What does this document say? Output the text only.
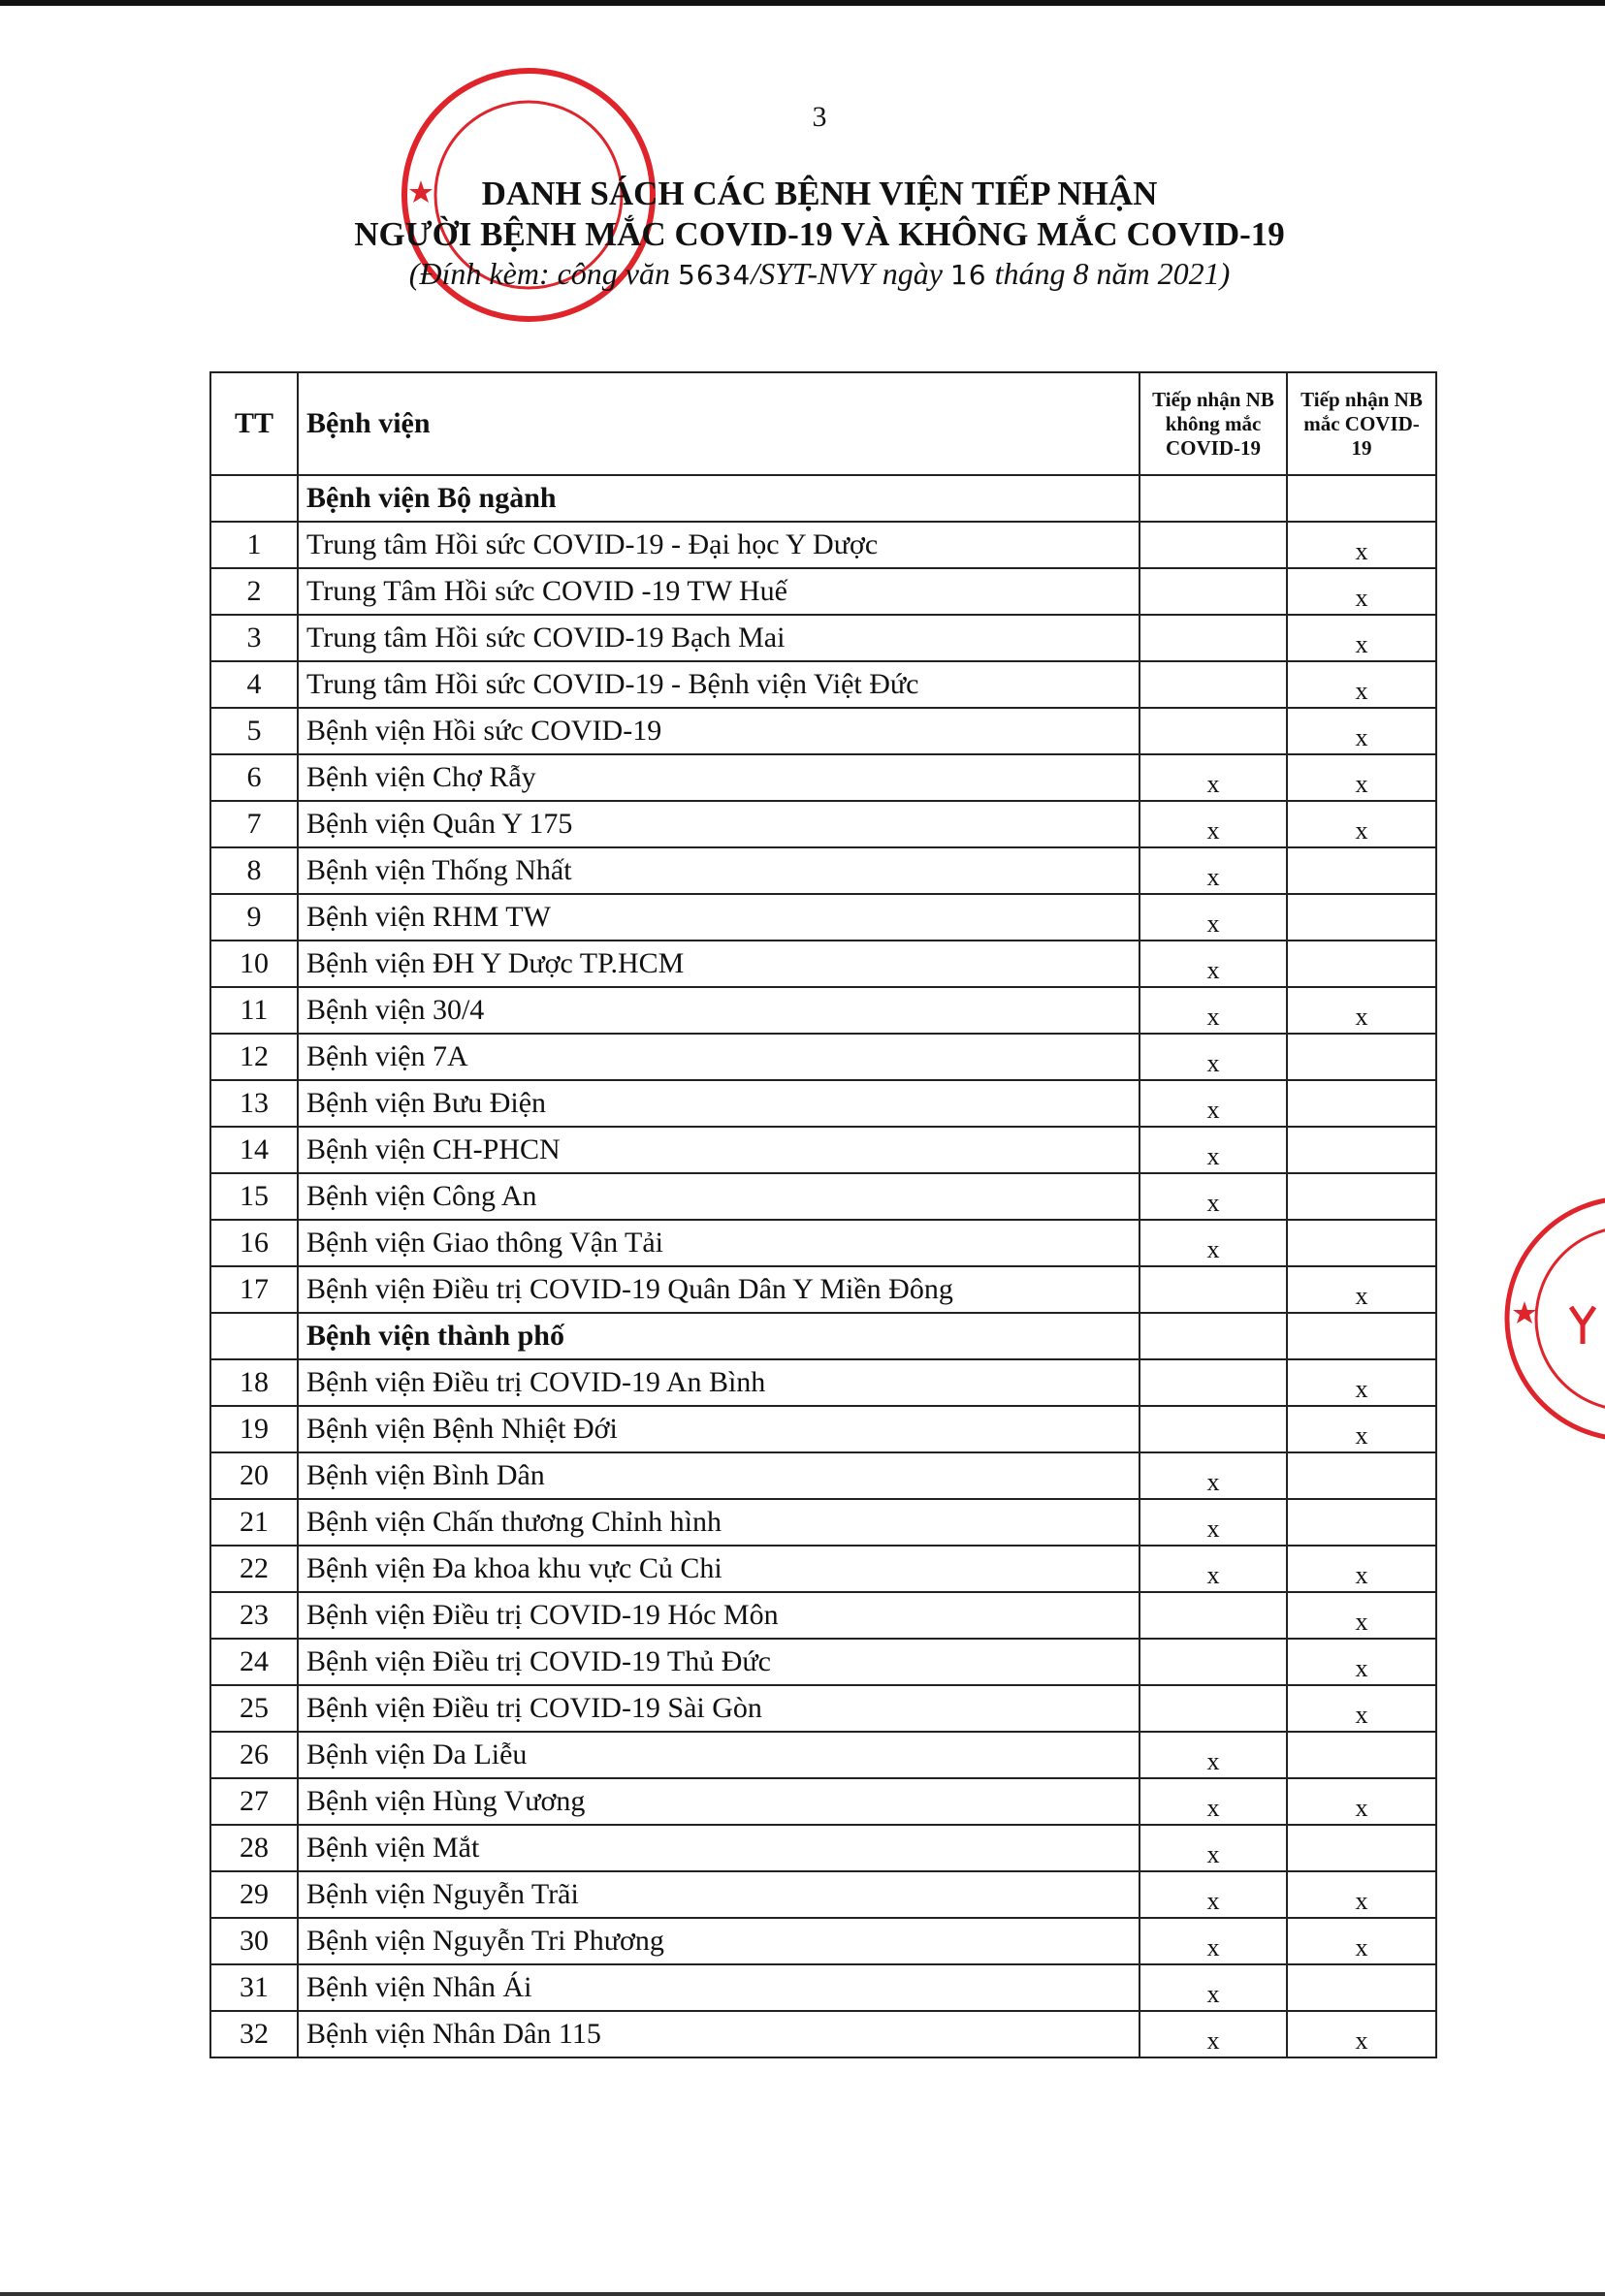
3
DANH SÁCH CÁC BỆNH VIỆN TIẾP NHẬN
NGƯỜI BỆNH MẮC COVID-19 VÀ KHÔNG MẮC COVID-19
(Đính kèm: công văn 5634/SYT-NVY ngày 16 tháng 8 năm 2021)
TT	Bệnh viện	Tiếp nhận NB không mắc COVID-19	Tiếp nhận NB mắc COVID-19
	Bệnh viện Bộ ngành		
1	Trung tâm Hồi sức COVID-19 - Đại học Y Dược		x
2	Trung Tâm Hồi sức COVID -19 TW Huế		x
3	Trung tâm Hồi sức COVID-19 Bạch Mai		x
4	Trung tâm Hồi sức COVID-19 - Bệnh viện Việt Đức		x
5	Bệnh viện Hồi sức COVID-19		x
6	Bệnh viện Chợ Rẫy	x	x
7	Bệnh viện Quân Y 175	x	x
8	Bệnh viện Thống Nhất	x	
9	Bệnh viện RHM TW	x	
10	Bệnh viện ĐH Y Dược TP.HCM	x	
11	Bệnh viện 30/4	x	x
12	Bệnh viện 7A	x	
13	Bệnh viện Bưu Điện	x	
14	Bệnh viện CH-PHCN	x	
15	Bệnh viện Công An	x	
16	Bệnh viện Giao thông Vận Tải	x	
17	Bệnh viện Điều trị COVID-19 Quân Dân Y Miền Đông		x
	Bệnh viện thành phố		
18	Bệnh viện Điều trị COVID-19 An Bình		x
19	Bệnh viện Bệnh Nhiệt Đới		x
20	Bệnh viện Bình Dân	x	
21	Bệnh viện Chấn thương Chỉnh hình	x	
22	Bệnh viện Đa khoa khu vực Củ Chi	x	x
23	Bệnh viện Điều trị COVID-19 Hóc Môn		x
24	Bệnh viện Điều trị COVID-19 Thủ Đức		x
25	Bệnh viện Điều trị COVID-19 Sài Gòn		x
26	Bệnh viện Da Liễu	x	
27	Bệnh viện Hùng Vương	x	x
28	Bệnh viện Mắt	x	
29	Bệnh viện Nguyễn Trãi	x	x
30	Bệnh viện Nguyễn Tri Phương	x	x
31	Bệnh viện Nhân Ái	x	
32	Bệnh viện Nhân Dân 115	x	x
